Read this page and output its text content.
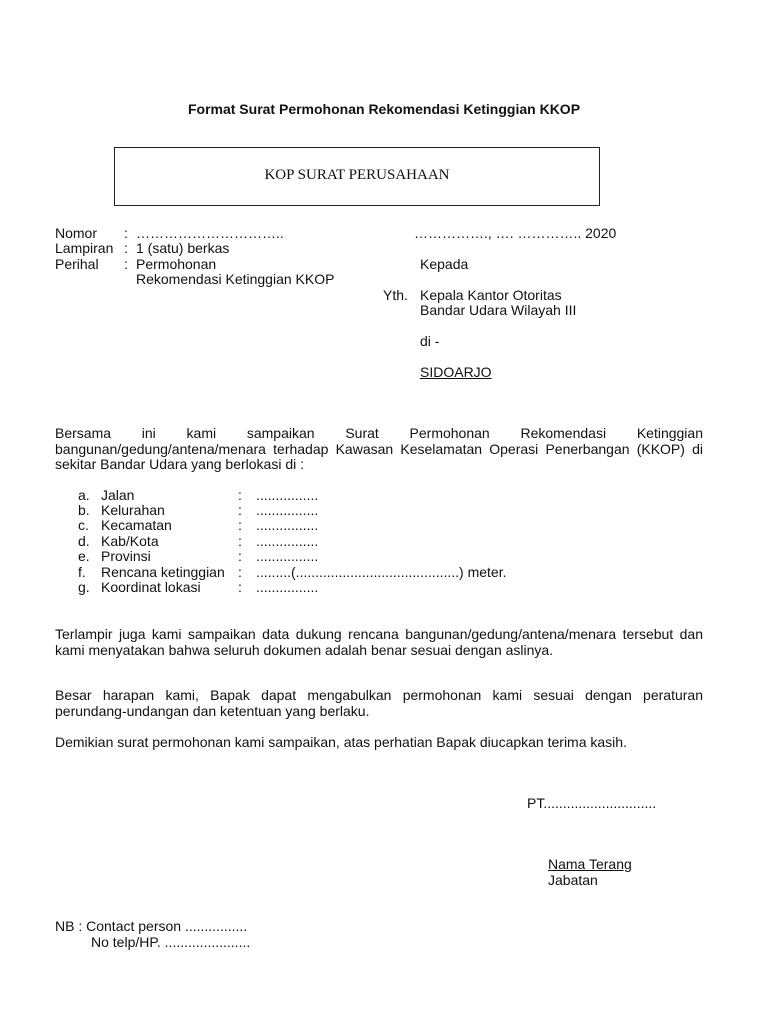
Format Surat Permohonan Rekomendasi Ketinggian KKOP
KOP SURAT PERUSAHAAN
Nomor : …………………………..
Lampiran : 1 (satu) berkas
Perihal : Permohonan
Rekomendasi Ketinggian KKOP
……………., …. ………….. 2020
Kepada
Yth. Kepala Kantor Otoritas
Bandar Udara Wilayah III
di -
SIDOARJO
Bersama ini kami sampaikan Surat Permohonan Rekomendasi Ketinggian bangunan/gedung/antena/menara terhadap Kawasan Keselamatan Operasi Penerbangan (KKOP) di sekitar Bandar Udara yang berlokasi di :
a. Jalan	: ................
b. Kelurahan	: ................
c. Kecamatan	: ................
d. Kab/Kota	: ................
e. Provinsi	: ................
f. Rencana ketinggian : .........(..........................................) meter.
g. Koordinat lokasi	: ................
Terlampir juga kami sampaikan data dukung rencana bangunan/gedung/antena/menara tersebut dan kami menyatakan bahwa seluruh dokumen adalah benar sesuai dengan aslinya.
Besar harapan kami, Bapak dapat mengabulkan permohonan kami sesuai dengan peraturan perundang-undangan dan ketentuan yang berlaku.
Demikian surat permohonan kami sampaikan, atas perhatian Bapak diucapkan terima kasih.
PT.............................
Nama Terang
Jabatan
NB : Contact person ................
No telp/HP. ......................
